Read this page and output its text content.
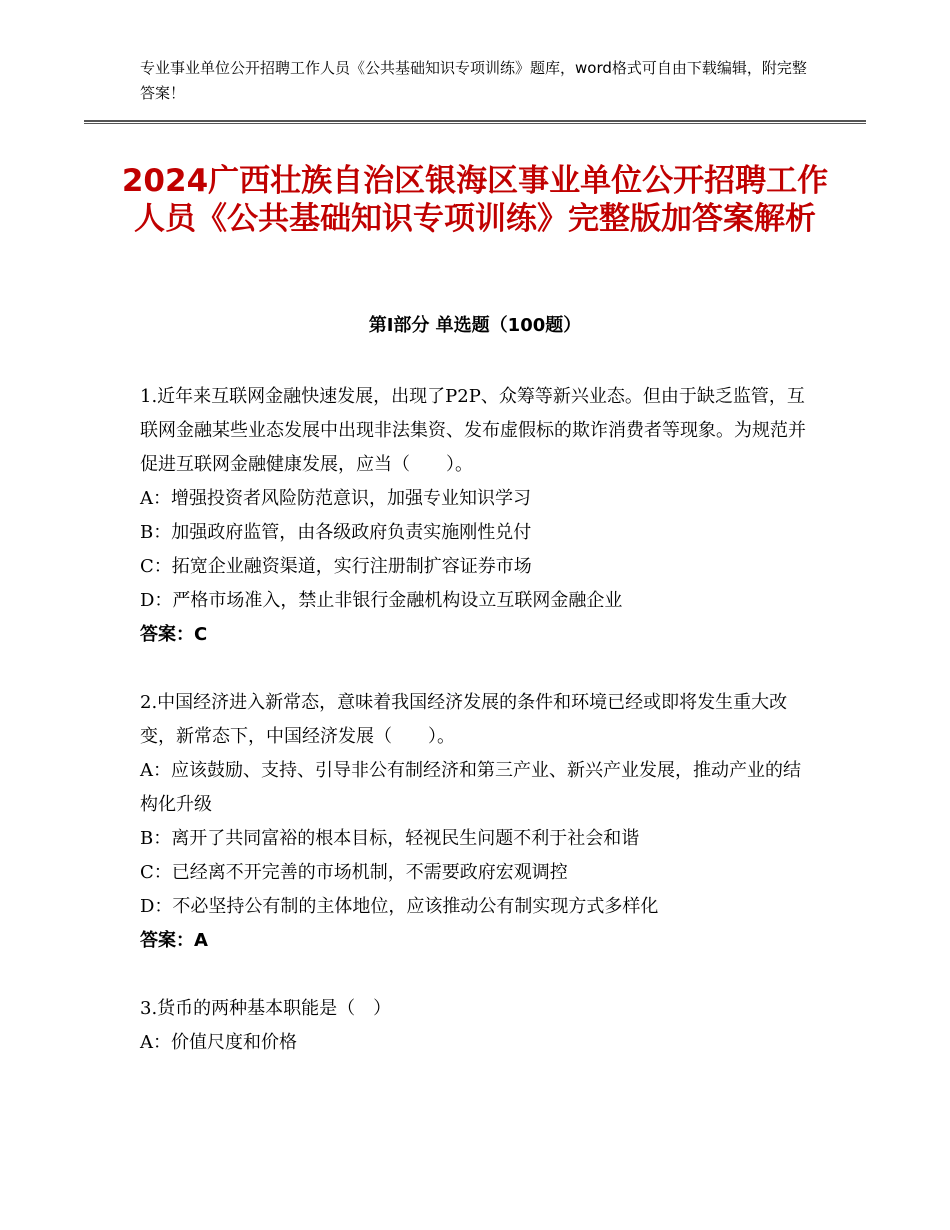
专业事业单位公开招聘工作人员《公共基础知识专项训练》题库，word格式可自由下载编辑，附完整答案！
2024广西壮族自治区银海区事业单位公开招聘工作人员《公共基础知识专项训练》完整版加答案解析
第Ⅰ部分 单选题（100题）

1.近年来互联网金融快速发展，出现了P2P、众筹等新兴业态。但由于缺乏监管，互联网金融某些业态发展中出现非法集资、发布虚假标的欺诈消费者等现象。为规范并促进互联网金融健康发展，应当（　　）。

A：增强投资者风险防范意识，加强专业知识学习

B：加强政府监管，由各级政府负责实施刚性兑付

C：拓宽企业融资渠道，实行注册制扩容证券市场

D：严格市场准入，禁止非银行金融机构设立互联网金融企业

答案：C

2.中国经济进入新常态，意味着我国经济发展的条件和环境已经或即将发生重大改变，新常态下，中国经济发展（　　）。

A：应该鼓励、支持、引导非公有制经济和第三产业、新兴产业发展，推动产业的结构化升级

B：离开了共同富裕的根本目标，轻视民生问题不利于社会和谐

C：已经离不开完善的市场机制，不需要政府宏观调控

D：不必坚持公有制的主体地位，应该推动公有制实现方式多样化

答案：A

3.货币的两种基本职能是（　）

A：价值尺度和价格
